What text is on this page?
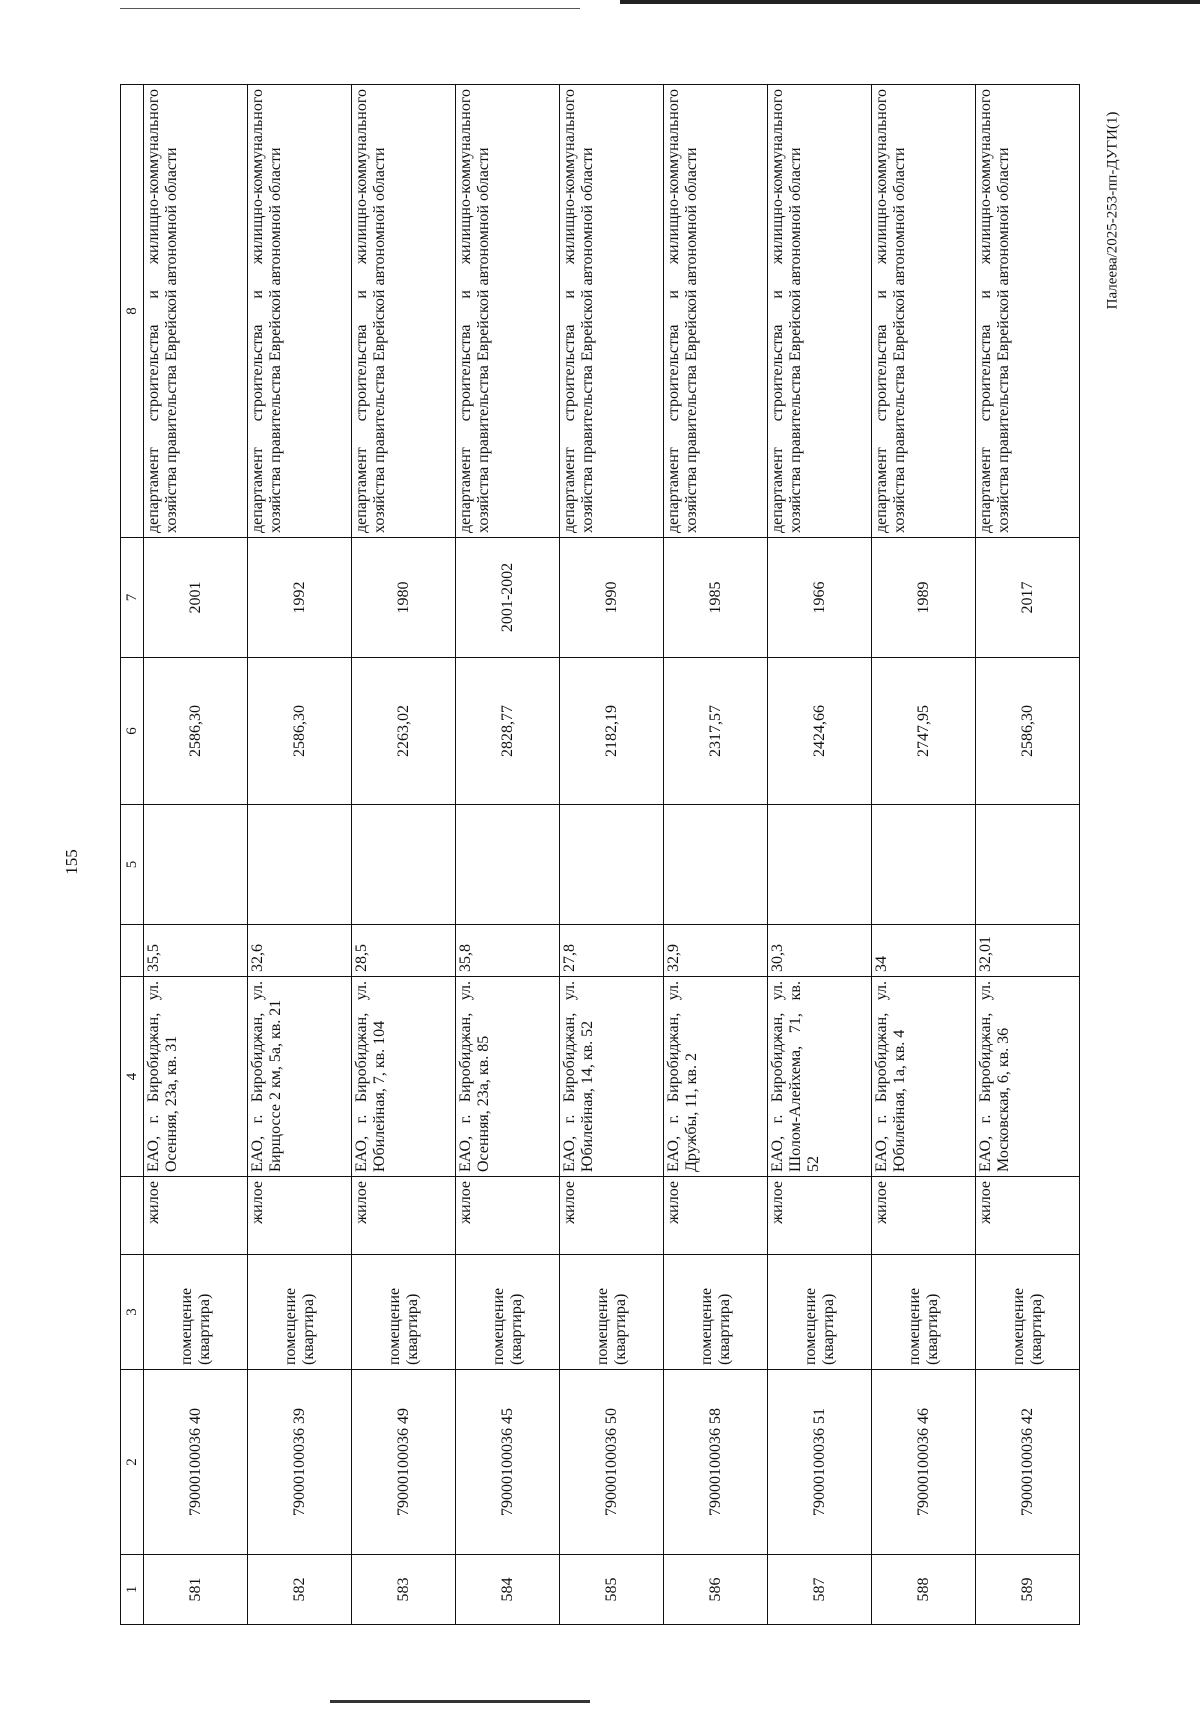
155
Палеева/2025-253-пп-ДУГИ(1)
1	2	3		4		5	6	7	8
581	79000100036 40	помещение (квартира)	жилое	ЕАО, г. Биробиджан, ул. Осенняя, 23а, кв. 31	35,5		2586,30	2001	департамент строительства и жилищно-коммунального хозяйства правительства Еврейской автономной области
582	79000100036 39	помещение (квартира)	жилое	ЕАО, г. Биробиджан, ул. Бирщоссе 2 км, 5а, кв. 21	32,6		2586,30	1992	департамент строительства и жилищно-коммунального хозяйства правительства Еврейской автономной области
583	79000100036 49	помещение (квартира)	жилое	ЕАО, г. Биробиджан, ул. Юбилейная, 7, кв. 104	28,5		2263,02	1980	департамент строительства и жилищно-коммунального хозяйства правительства Еврейской автономной области
584	79000100036 45	помещение (квартира)	жилое	ЕАО, г. Биробиджан, ул. Осенняя, 23а, кв. 85	35,8		2828,77	2001-2002	департамент строительства и жилищно-коммунального хозяйства правительства Еврейской автономной области
585	79000100036 50	помещение (квартира)	жилое	ЕАО, г. Биробиджан, ул. Юбилейная, 14, кв. 52	27,8		2182,19	1990	департамент строительства и жилищно-коммунального хозяйства правительства Еврейской автономной области
586	79000100036 58	помещение (квартира)	жилое	ЕАО, г. Биробиджан, ул. Дружбы, 11, кв. 2	32,9		2317,57	1985	департамент строительства и жилищно-коммунального хозяйства правительства Еврейской автономной области
587	79000100036 51	помещение (квартира)	жилое	ЕАО, г. Биробиджан, ул. Шолом-Алейхема, 71, кв. 52	30,3		2424,66	1966	департамент строительства и жилищно-коммунального хозяйства правительства Еврейской автономной области
588	79000100036 46	помещение (квартира)	жилое	ЕАО, г. Биробиджан, ул. Юбилейная, 1а, кв. 4	34		2747,95	1989	департамент строительства и жилищно-коммунального хозяйства правительства Еврейской автономной области
589	79000100036 42	помещение (квартира)	жилое	ЕАО, г. Биробиджан, ул. Московская, 6, кв. 36	32,01		2586,30	2017	департамент строительства и жилищно-коммунального хозяйства правительства Еврейской автономной области
